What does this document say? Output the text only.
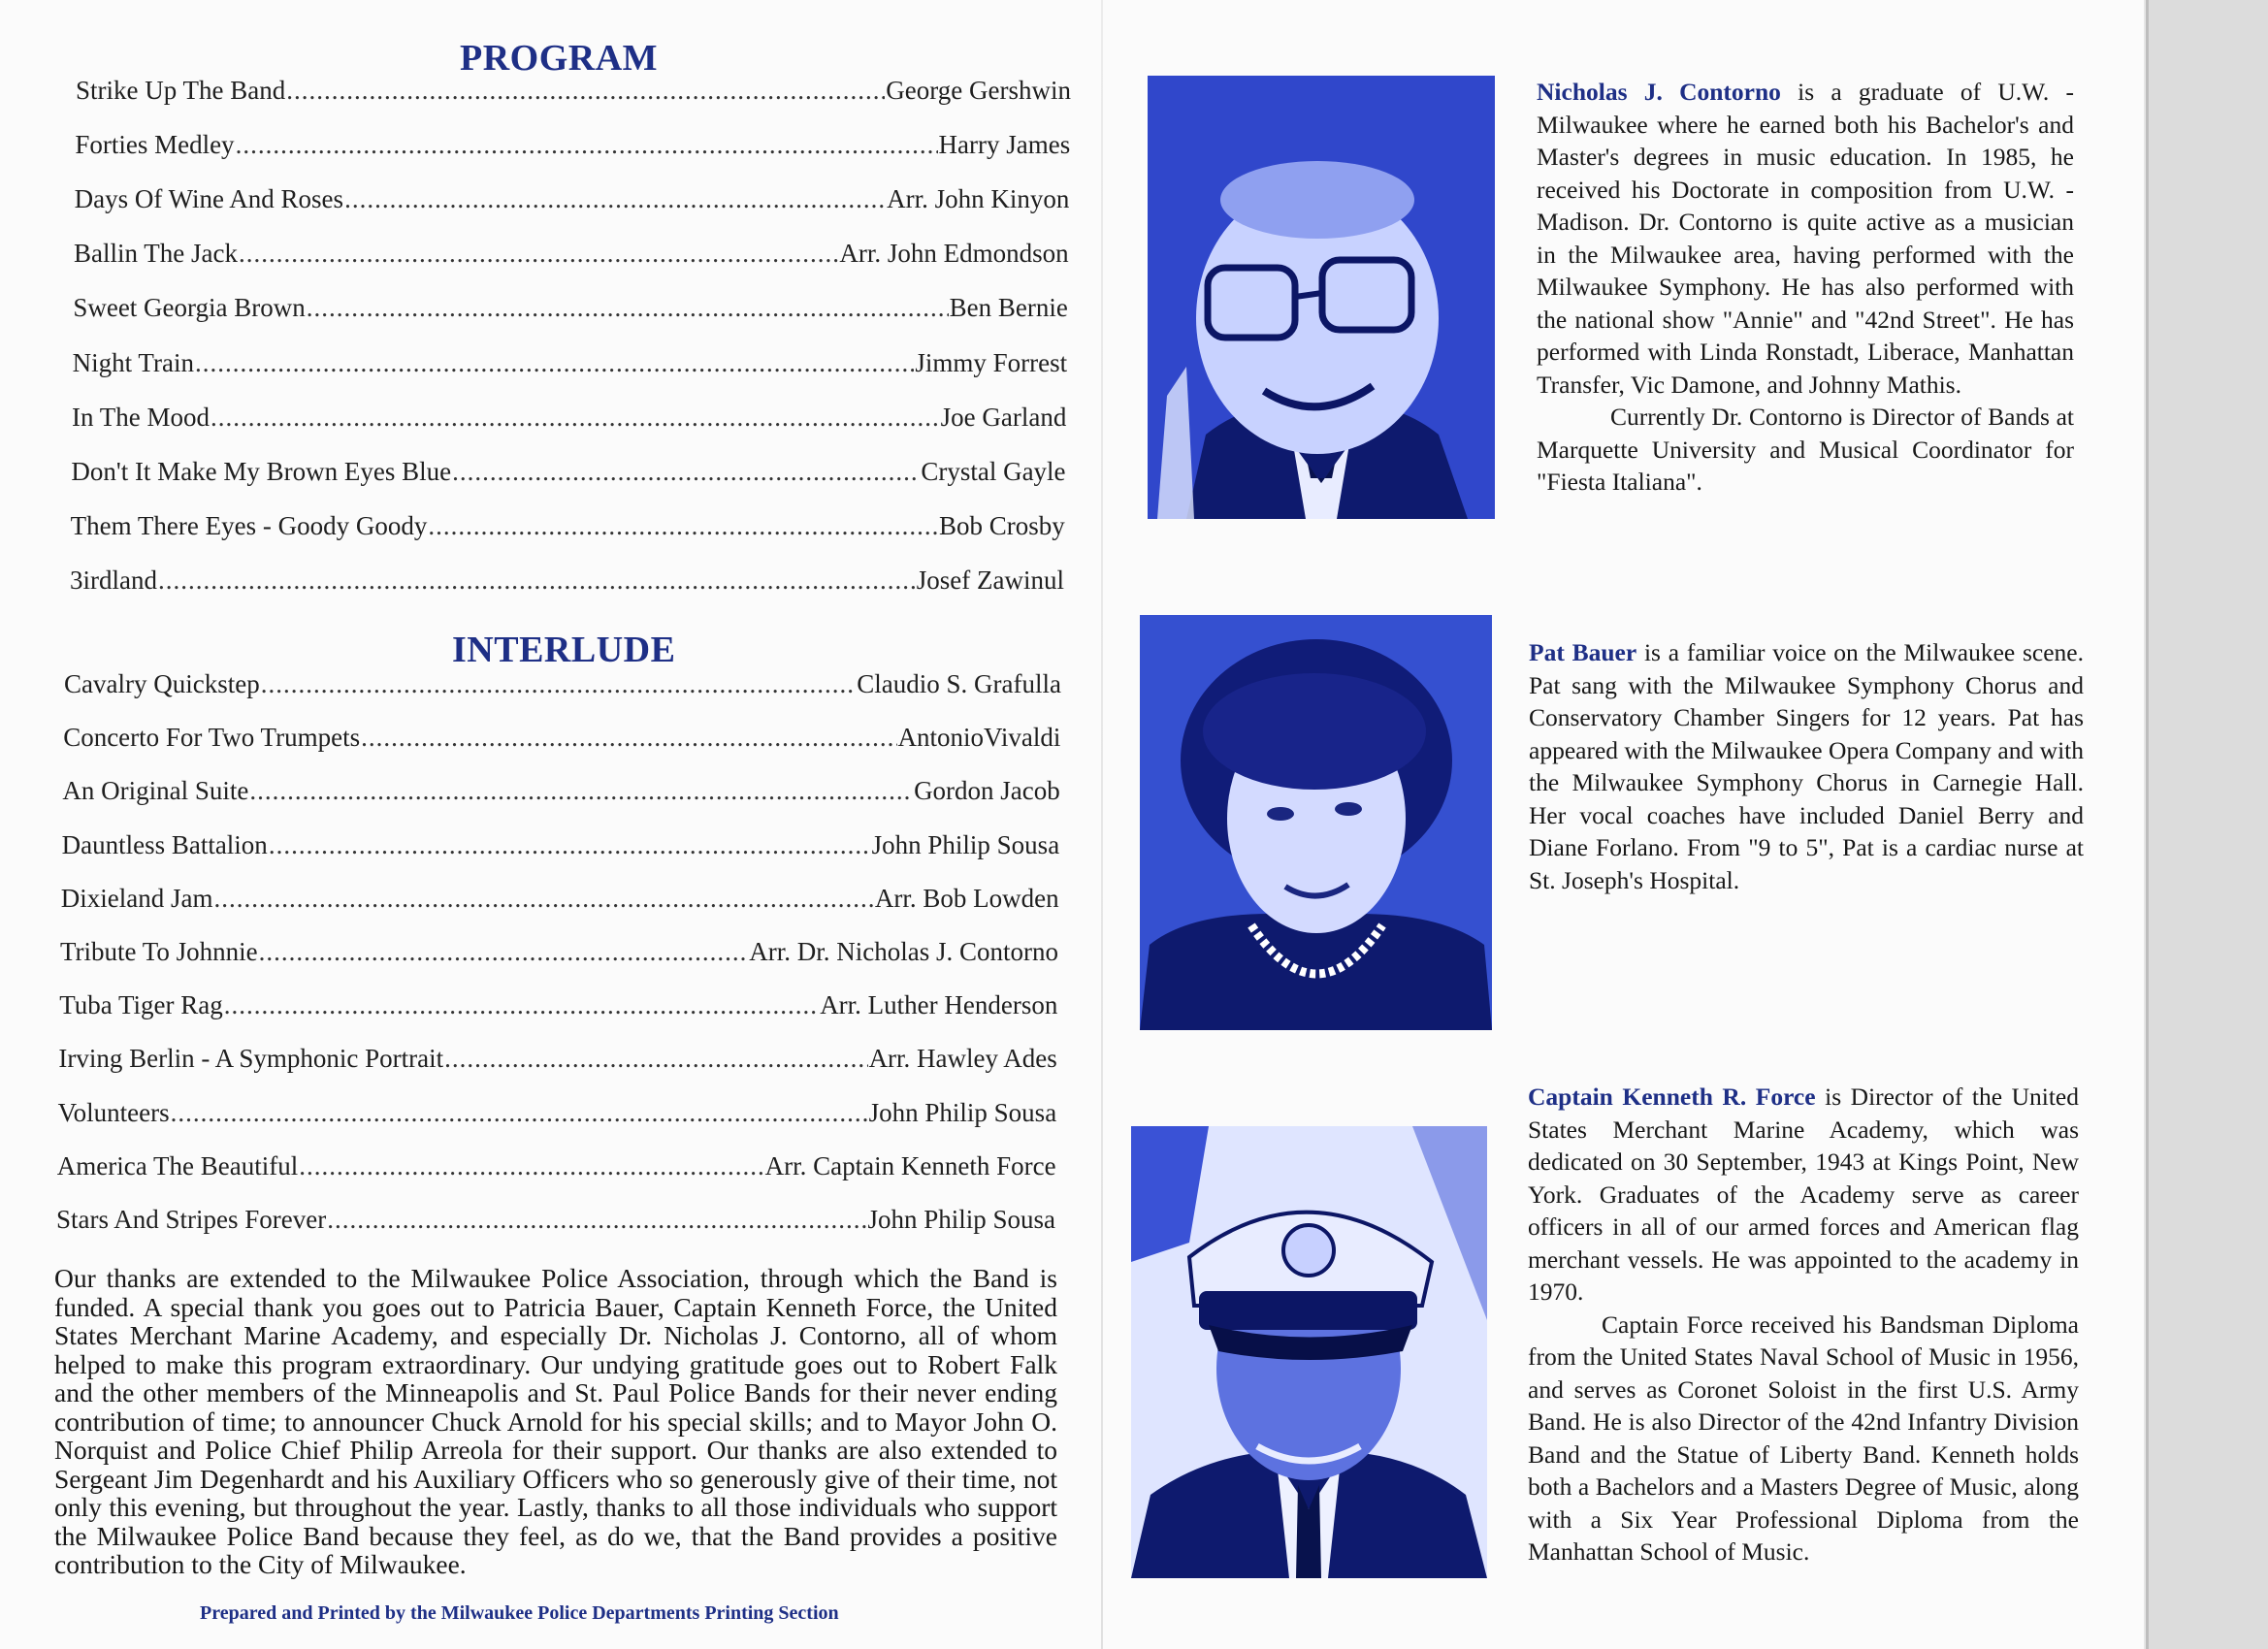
PROGRAM
Strike Up The Band .....	George Gershwin
Forties Medley .....	Harry James
Days Of Wine And Roses .....	Arr. John Kinyon
Ballin The Jack .....	Arr. John Edmondson
Sweet Georgia Brown .....	Ben Bernie
Night Train .....	Jimmy Forrest
In The Mood .....	Joe Garland
Don't It Make My Brown Eyes Blue .....	Crystal Gayle
Them There Eyes - Goody Goody .....	Bob Crosby
3irdland .....	Josef Zawinul
INTERLUDE
Cavalry Quickstep .....	Claudio S. Grafulla
Concerto For Two Trumpets .....	AntonioVivaldi
An Original Suite .....	Gordon Jacob
Dauntless Battalion .....	John Philip Sousa
Dixieland Jam .....	Arr. Bob Lowden
Tribute To Johnnie .....	Arr. Dr. Nicholas J. Contorno
Tuba Tiger Rag .....	Arr. Luther Henderson
Irving Berlin - A Symphonic Portrait .....	Arr. Hawley Ades
Volunteers .....	John Philip Sousa
America The Beautiful .....	Arr. Captain Kenneth Force
Stars And Stripes Forever .....	John Philip Sousa

Our thanks are extended to the Milwaukee Police Association, through which the Band is funded. A special thank you goes out to Patricia Bauer, Captain Kenneth Force, the United States Merchant Marine Academy, and especially Dr. Nicholas J. Contorno, all of whom helped to make this program extraordinary. Our undying gratitude goes out to Robert Falk and the other members of the Minneapolis and St. Paul Police Bands for their never ending contribution of time; to announcer Chuck Arnold for his special skills; and to Mayor John O. Norquist and Police Chief Philip Arreola for their support. Our thanks are also extended to Sergeant Jim Degenhardt and his Auxiliary Officers who so generously give of their time, not only this evening, but throughout the year. Lastly, thanks to all those individuals who support the Milwaukee Police Band because they feel, as do we, that the Band provides a positive contribution to the City of Milwaukee.

Prepared and Printed by the Milwaukee Police Departments Printing Section

Nicholas J. Contorno is a graduate of U.W. - Milwaukee where he earned both his Bachelor's and Master's degrees in music education. In 1985, he received his Doctorate in composition from U.W. - Madison. Dr. Contorno is quite active as a musician in the Milwaukee area, having performed with the Milwaukee Symphony. He has also performed with the national show "Annie" and "42nd Street". He has performed with Linda Ronstadt, Liberace, Manhattan Transfer, Vic Damone, and Johnny Mathis.

Currently Dr. Contorno is Director of Bands at Marquette University and Musical Coordinator for "Fiesta Italiana".

Pat Bauer is a familiar voice on the Milwaukee scene. Pat sang with the Milwaukee Symphony Chorus and Conservatory Chamber Singers for 12 years. Pat has appeared with the Milwaukee Opera Company and with the Milwaukee Symphony Chorus in Carnegie Hall. Her vocal coaches have included Daniel Berry and Diane Forlano. From "9 to 5", Pat is a cardiac nurse at St. Joseph's Hospital.

Captain Kenneth R. Force is Director of the United States Merchant Marine Academy, which was dedicated on 30 September, 1943 at Kings Point, New York. Graduates of the Academy serve as career officers in all of our armed forces and American flag merchant vessels. He was appointed to the academy in 1970.

Captain Force received his Bandsman Diploma from the United States Naval School of Music in 1956, and serves as Coronet Soloist in the first U.S. Army Band. He is also Director of the 42nd Infantry Division Band and the Statue of Liberty Band. Kenneth holds both a Bachelors and a Masters Degree of Music, along with a Six Year Professional Diploma from the Manhattan School of Music.
